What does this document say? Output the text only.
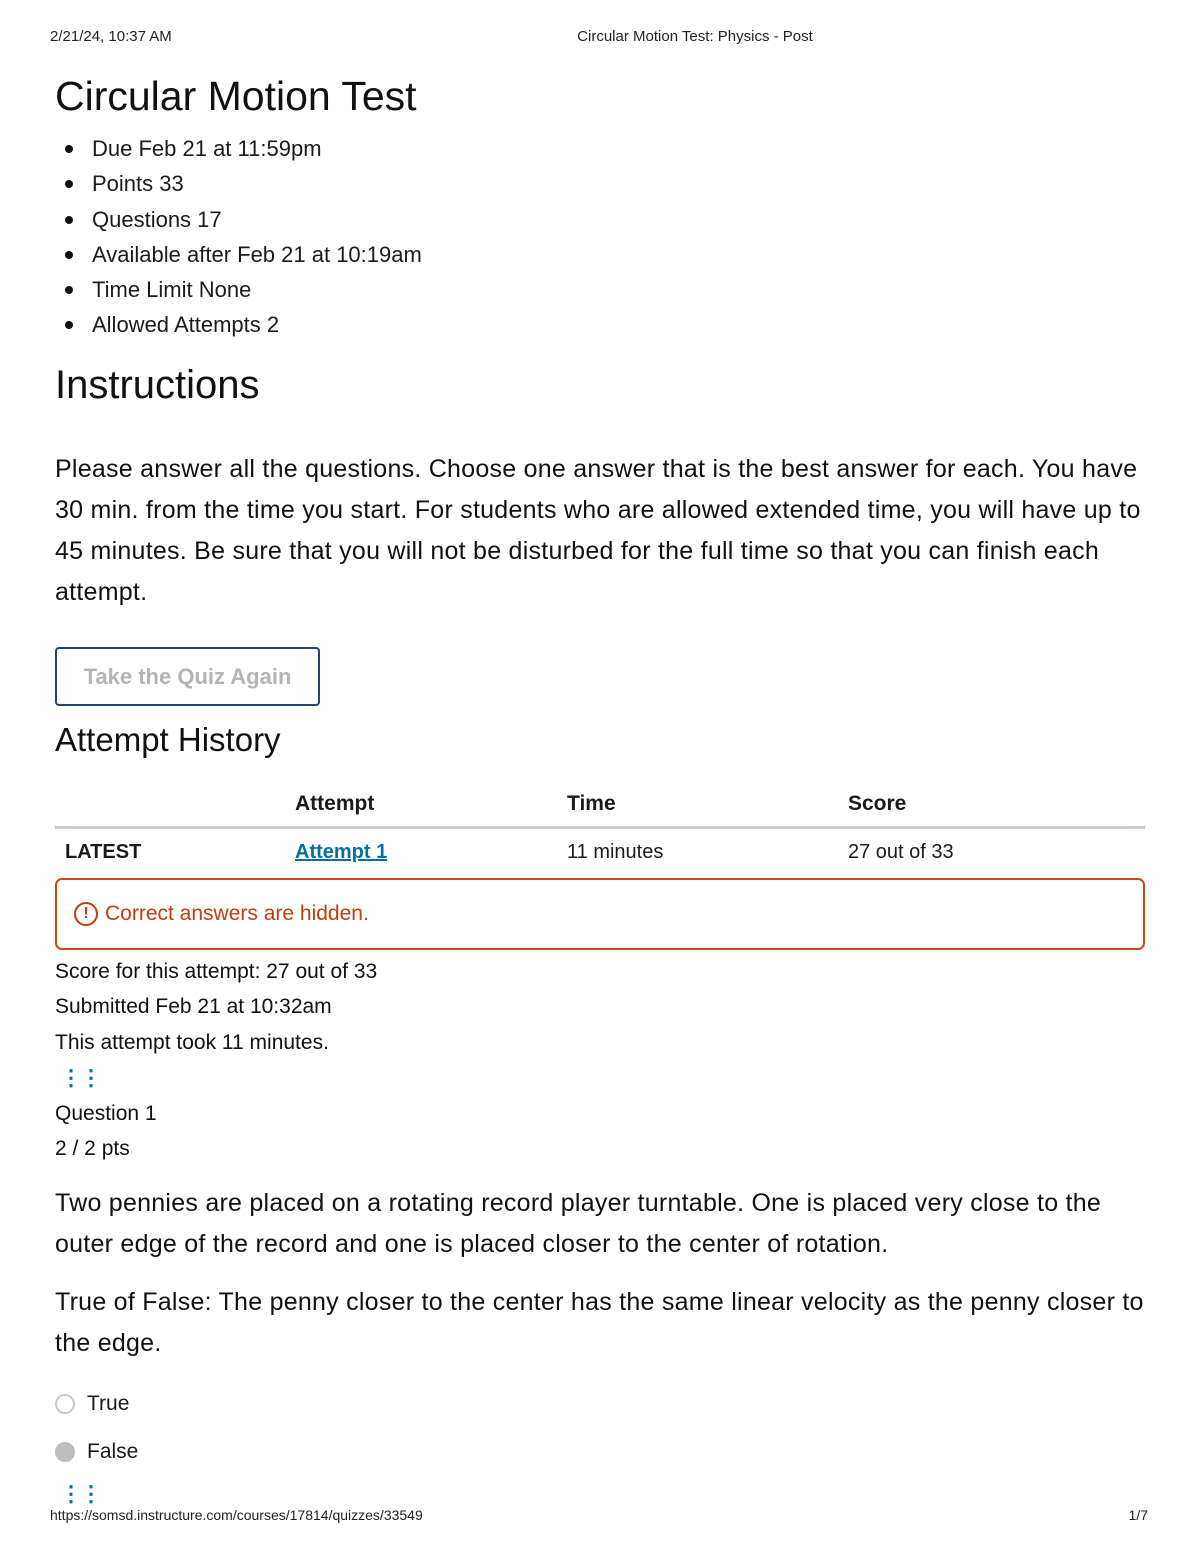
2/21/24, 10:37 AM	Circular Motion Test: Physics - Post
Circular Motion Test
Due Feb 21 at 11:59pm
Points 33
Questions 17
Available after Feb 21 at 10:19am
Time Limit None
Allowed Attempts 2
Instructions
Please answer all the questions. Choose one answer that is the best answer for each. You have 30 min. from the time you start. For students who are allowed extended time, you will have up to 45 minutes. Be sure that you will not be disturbed for the full time so that you can finish each attempt.
Take the Quiz Again
Attempt History
	Attempt	Time	Score
LATEST	Attempt 1	11 minutes	27 out of 33
! Correct answers are hidden.
Score for this attempt: 27 out of 33
Submitted Feb 21 at 10:32am
This attempt took 11 minutes.
⋮⋮
Question 1
2 / 2 pts

Two pennies are placed on a rotating record player turntable. One is placed very close to the outer edge of the record and one is placed closer to the center of rotation.

True of False: The penny closer to the center has the same linear velocity as the penny closer to the edge.

True
False
⋮⋮
https://somsd.instructure.com/courses/17814/quizzes/33549	1/7
